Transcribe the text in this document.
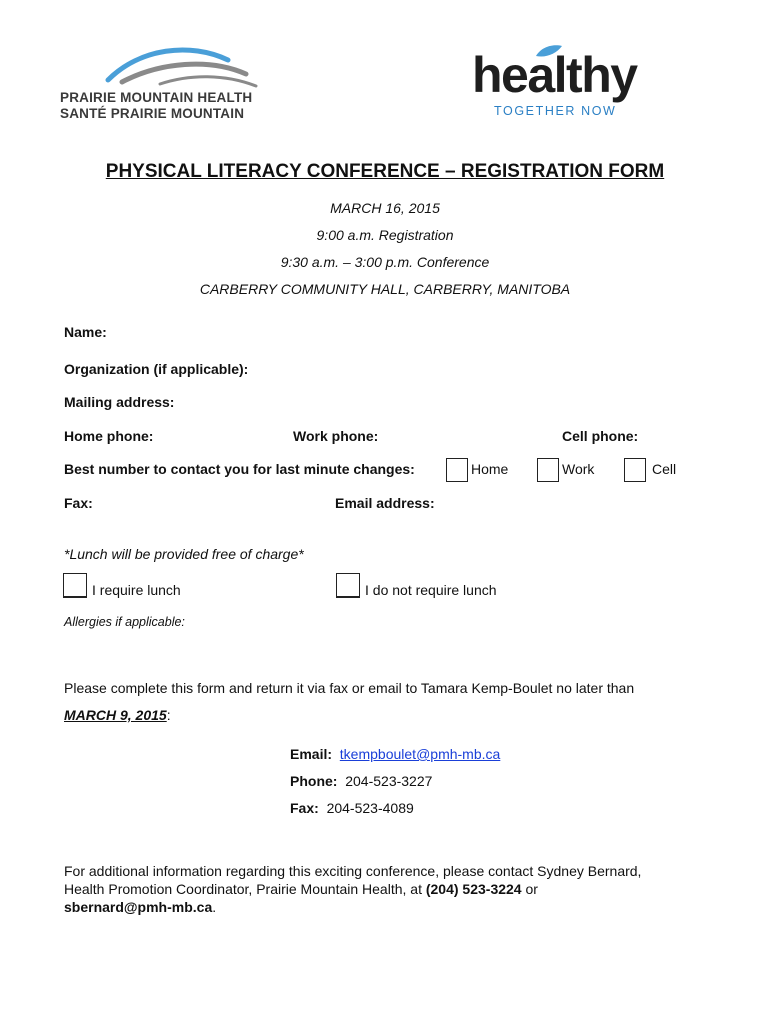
PRAIRIE MOUNTAIN HEALTH
SANTÉ PRAIRIE MOUNTAIN
healthy
TOGETHER NOW
PHYSICAL LITERACY CONFERENCE – REGISTRATION FORM
MARCH 16, 2015
9:00 a.m. Registration
9:30 a.m. – 3:00 p.m. Conference
CARBERRY COMMUNITY HALL, CARBERRY, MANITOBA
Name:
Organization (if applicable):
Mailing address:
Home phone:	Work phone:	Cell phone:
Best number to contact you for last minute changes:	Home	Work	Cell
Fax:	Email address:
*Lunch will be provided free of charge*
I require lunch	I do not require lunch
Allergies if applicable:
Please complete this form and return it via fax or email to Tamara Kemp-Boulet no later than
MARCH 9, 2015:
Email: tkempboulet@pmh-mb.ca
Phone: 204-523-3227
Fax: 204-523-4089
For additional information regarding this exciting conference, please contact Sydney Bernard,
Health Promotion Coordinator, Prairie Mountain Health, at (204) 523-3224 or
sbernard@pmh-mb.ca.
